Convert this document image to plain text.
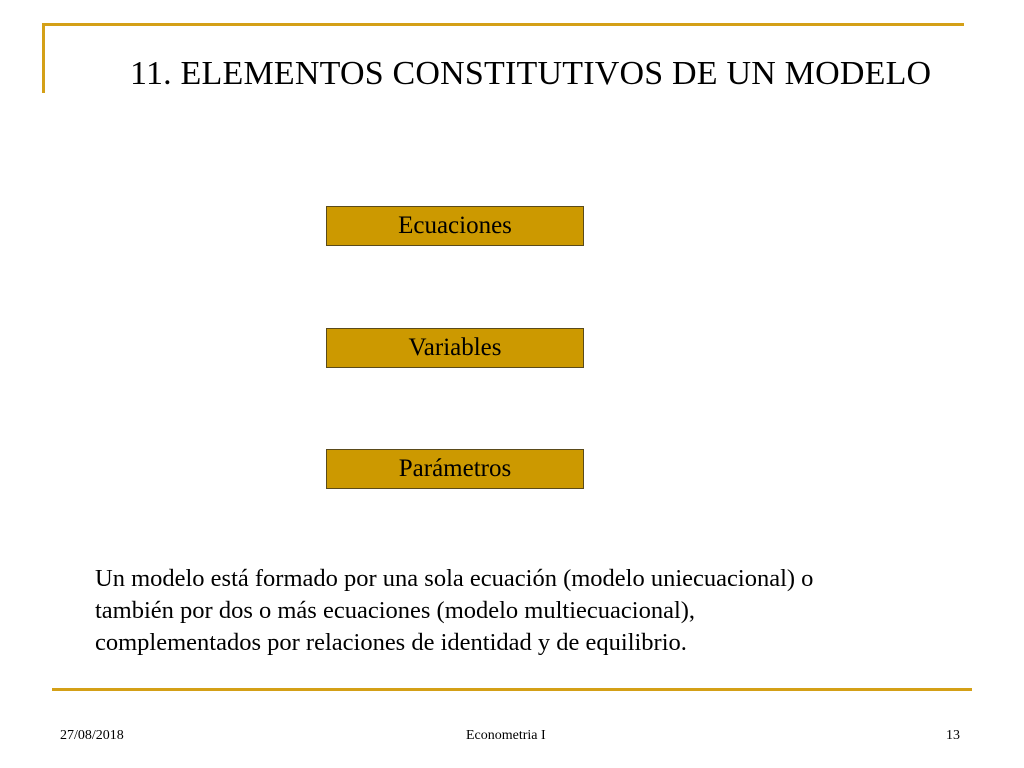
11. ELEMENTOS CONSTITUTIVOS DE UN MODELO
Ecuaciones
Variables
Parámetros
Un modelo está formado por una sola ecuación (modelo uniecuacional) o
también por dos o más ecuaciones (modelo multiecuacional),
complementados por relaciones de identidad y de equilibrio.
27/08/2018	Econometria I	13
